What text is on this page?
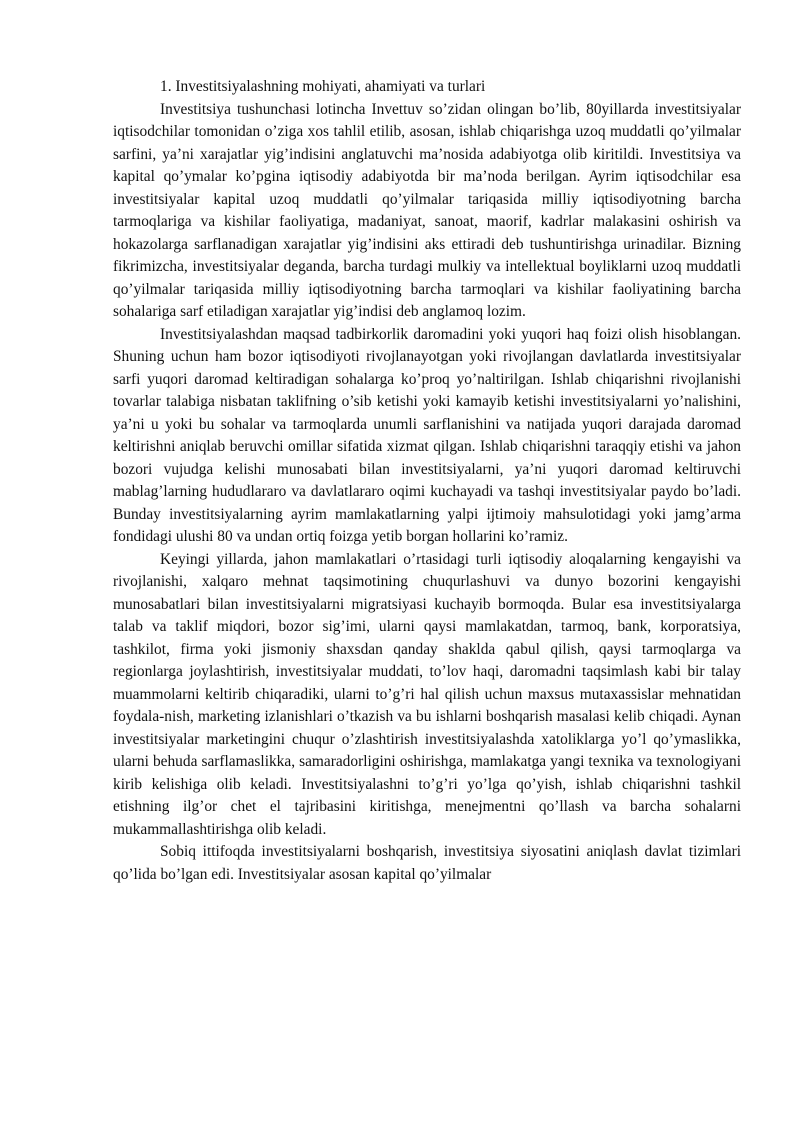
1. Investitsiyalashning mohiyati, ahamiyati va turlari

Investitsiya tushunchasi lotincha Invettuv so’zidan olingan bo’lib, 80yillarda investitsiyalar iqtisodchilar tomonidan o’ziga xos tahlil etilib, asosan, ishlab chiqarishga uzoq muddatli qo’yilmalar sarfini, ya’ni xarajatlar yig’indisini anglatuvchi ma’nosida adabiyotga olib kiritildi. Investitsiya va kapital qo’ymalar ko’pgina iqtisodiy adabiyotda bir ma’noda berilgan. Ayrim iqtisodchilar esa investitsiyalar kapital uzoq muddatli qo’yilmalar tariqasida milliy iqtisodiyotning barcha tarmoqlariga va kishilar faoliyatiga, madaniyat, sanoat, maorif, kadrlar malakasini oshirish va hokazolarga sarflanadigan xarajatlar yig’indisini aks ettiradi deb tushuntirishga urinadilar. Bizning fikrimizcha, investitsiyalar deganda, barcha turdagi mulkiy va intellektual boyliklarni uzoq muddatli qo’yilmalar tariqasida milliy iqtisodiyotning barcha tarmoqlari va kishilar faoliyatining barcha sohalariga sarf etiladigan xarajatlar yig’indisi deb anglamoq lozim.

Investitsiyalashdan maqsad tadbirkorlik daromadini yoki yuqori haq foizi olish hisoblangan. Shuning uchun ham bozor iqtisodiyoti rivojlanayotgan yoki rivojlangan davlatlarda investitsiyalar sarfi yuqori daromad keltiradigan sohalarga ko’proq yo’naltirilgan. Ishlab chiqarishni rivojlanishi tovarlar talabiga nisbatan taklifning o’sib ketishi yoki kamayib ketishi investitsiyalarni yo’nalishini, ya’ni u yoki bu sohalar va tarmoqlarda unumli sarflanishini va natijada yuqori darajada daromad keltirishni aniqlab beruvchi omillar sifatida xizmat qilgan. Ishlab chiqarishni taraqqiy etishi va jahon bozori vujudga kelishi munosabati bilan investitsiyalarni, ya’ni yuqori daromad keltiruvchi mablag’larning hududlararo va davlatlararo oqimi kuchayadi va tashqi investitsiyalar paydo bo’ladi. Bunday investitsiyalarning ayrim mamlakatlarning yalpi ijtimoiy mahsulotidagi yoki jamg’arma fondidagi ulushi 80 va undan ortiq foizga yetib borgan hollarini ko’ramiz.

Keyingi yillarda, jahon mamlakatlari o’rtasidagi turli iqtisodiy aloqalarning kengayishi va rivojlanishi, xalqaro mehnat taqsimotining chuqurlashuvi va dunyo bozorini kengayishi munosabatlari bilan investitsiyalarni migratsiyasi kuchayib bormoqda. Bular esa investitsiyalarga talab va taklif miqdori, bozor sig’imi, ularni qaysi mamlakatdan, tarmoq, bank, korporatsiya, tashkilot, firma yoki jismoniy shaxsdan qanday shaklda qabul qilish, qaysi tarmoqlarga va regionlarga joylashtirish, investitsiyalar muddati, to’lov haqi, daromadni taqsimlash kabi bir talay muammolarni keltirib chiqaradiki, ularni to’g’ri hal qilish uchun maxsus mutaxassislar mehnatidan foydala-nish, marketing izlanishlari o’tkazish va bu ishlarni boshqarish masalasi kelib chiqadi. Aynan investitsiyalar marketingini chuqur o’zlashtirish investitsiyalashda xatoliklarga yo’l qo’ymaslikka, ularni behuda sarflamaslikka, samaradorligini oshirishga, mamlakatga yangi texnika va texnologiyani kirib kelishiga olib keladi. Investitsiyalashni to’g’ri yo’lga qo’yish, ishlab chiqarishni tashkil etishning ilg’or chet el tajribasini kiritishga, menejmentni qo’llash va barcha sohalarni mukammallashtirishga olib keladi.

Sobiq ittifoqda investitsiyalarni boshqarish, investitsiya siyosatini aniqlash davlat tizimlari qo’lida bo’lgan edi. Investitsiyalar asosan kapital qo’yilmalar
